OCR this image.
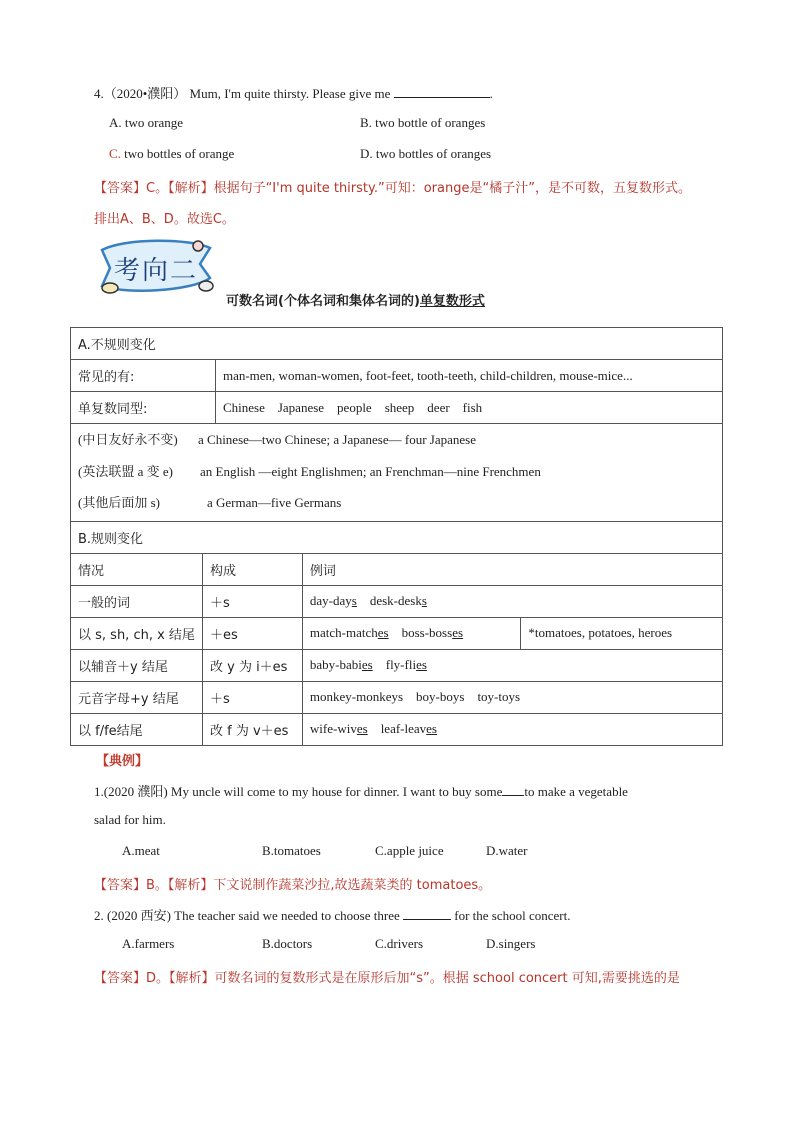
4.（2020•濮阳） Mum, I'm quite thirsty. Please give me	.
A. two orange	B. two bottle of oranges
C. two bottles of orange	D. two bottles of oranges
【答案】C。【解析】根据句子“I'm quite thirsty.”可知：orange是“橘子汁”，是不可数，五复数形式。
排出A、B、D。故选C。
考向二
可数名词(个体名词和集体名词的)单复数形式
A.不规则变化				
常见的有:		man-men, woman-women, foot-feet, tooth-teeth, child-children, mouse-mice...		
单复数同型:		Chinese    Japanese    people    sheep    deer    fish		

(中日友好永不变) a Chinese—two Chinese; a Japanese— four Japanese
(英法联盟 a 变 e) an English —eight Englishmen; an Frenchman—nine Frenchmen
(其他后面加 s) a German—five Germans				

B.规则变化				
情况	构成		例词	
一般的词	＋s		day-days desk-desks	
以 s, sh, ch, x 结尾	＋es		match-matches boss-bosses	*tomatoes, potatoes, heroes
以辅音＋y 结尾	改 y 为 i＋es		baby-babies fly-flies	
元音字母+y 结尾	＋s		monkey-monkeys    boy-boys    toy-toys	
以 f/fe结尾	改 f 为 v＋es		wife-wives leaf-leaves	
【典例】
1.(2020 濮阳) My uncle will come to my house for dinner. I want to buy some to make a vegetable
salad for him.
A.meat	B.tomatoes	C.apple juice	D.water
【答案】B。【解析】下文说制作蔬菜沙拉,故选蔬菜类的 tomatoes。
2. (2020 西安) The teacher said we needed to choose three	for the school concert.
A.farmers	B.doctors	C.drivers	D.singers
【答案】D。【解析】可数名词的复数形式是在原形后加“s”。根据 school concert 可知,需要挑选的是
